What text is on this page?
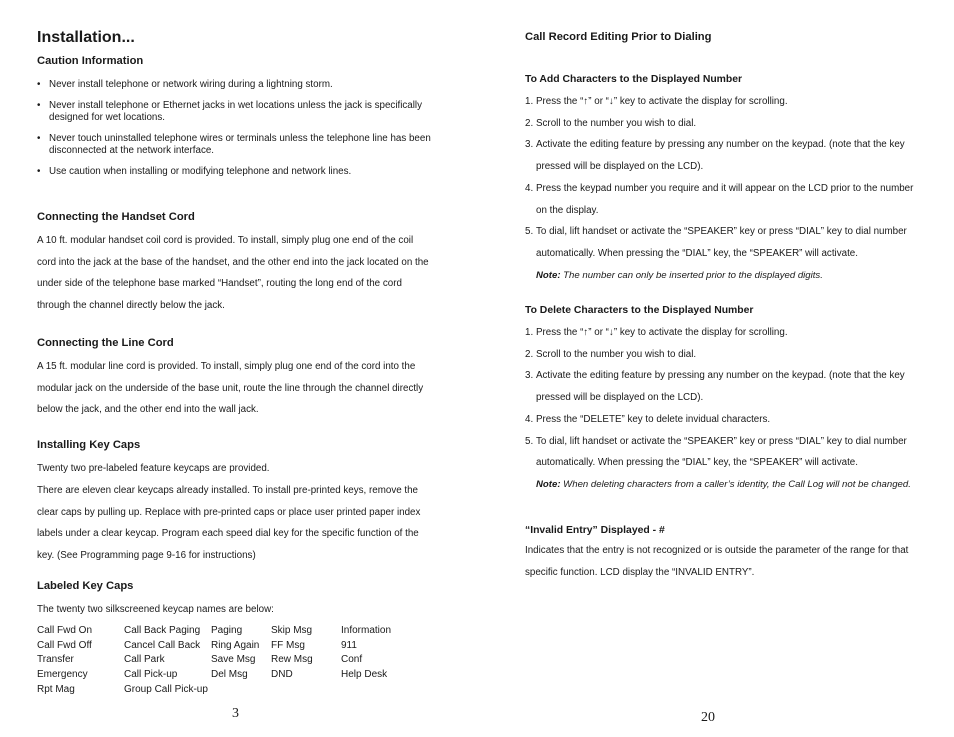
Installation...
Caution Information
• Never install telephone or network wiring during a lightning storm.
• Never install telephone or Ethernet jacks in wet locations unless the jack is specifically designed for wet locations.
• Never touch uninstalled telephone wires or terminals unless the telephone line has been disconnected at the network interface.
• Use caution when installing or modifying telephone and network lines.
Connecting the Handset Cord

A 10 ft. modular handset coil cord is provided. To install, simply plug one end of the coil cord into the jack at the base of the handset, and the other end into the jack located on the under side of the telephone base marked “Handset”, routing the long end of the cord through the channel directly below the jack.

Connecting the Line Cord

A 15 ft. modular line cord is provided. To install, simply plug one end of the cord into the modular jack on the underside of the base unit, route the line through the channel directly below the jack, and the other end into the wall jack.

Installing Key Caps

Twenty two pre-labeled feature keycaps are provided.

There are eleven clear keycaps already installed. To install pre-printed keys, remove the clear caps by pulling up. Replace with pre-printed caps or place user printed paper index labels under a clear keycap. Program each speed dial key for the specific function of the key. (See Programming page 9-16 for instructions)

Labeled Key Caps

The twenty two silkscreened keycap names are below:

Call Fwd On	Call Back Paging	Paging	Skip Msg	Information
Call Fwd Off	Cancel Call Back	Ring Again	FF Msg	911
Transfer	Call Park	Save Msg	Rew Msg	Conf
Emergency	Call Pick-up	Del Msg	DND	Help Desk
Rpt Mag	Group Call Pick-up
3
Call Record Editing Prior to Dialing
To Add Characters to the Displayed Number
1. Press the “↑” or “↓” key to activate the display for scrolling.
2. Scroll to the number you wish to dial.
3. Activate the editing feature by pressing any number on the keypad. (note that the key pressed will be displayed on the LCD).
4. Press the keypad number you require and it will appear on the LCD prior to the number on the display.
5. To dial, lift handset or activate the “SPEAKER” key or press “DIAL” key to dial number automatically. When pressing the “DIAL” key, the “SPEAKER” will activate.
Note: The number can only be inserted prior to the displayed digits.
To Delete Characters to the Displayed Number
1. Press the “↑” or “↓” key to activate the display for scrolling.
2. Scroll to the number you wish to dial.
3. Activate the editing feature by pressing any number on the keypad. (note that the key pressed will be displayed on the LCD).
4. Press the “DELETE” key to delete invidual characters.
5. To dial, lift handset or activate the “SPEAKER” key or press “DIAL” key to dial number automatically. When pressing the “DIAL” key, the “SPEAKER” will activate.
Note: When deleting characters from a caller’s identity, the Call Log will not be changed.
“Invalid Entry” Displayed - #

Indicates that the entry is not recognized or is outside the parameter of the range for that specific function. LCD display the “INVALID ENTRY”.

20
